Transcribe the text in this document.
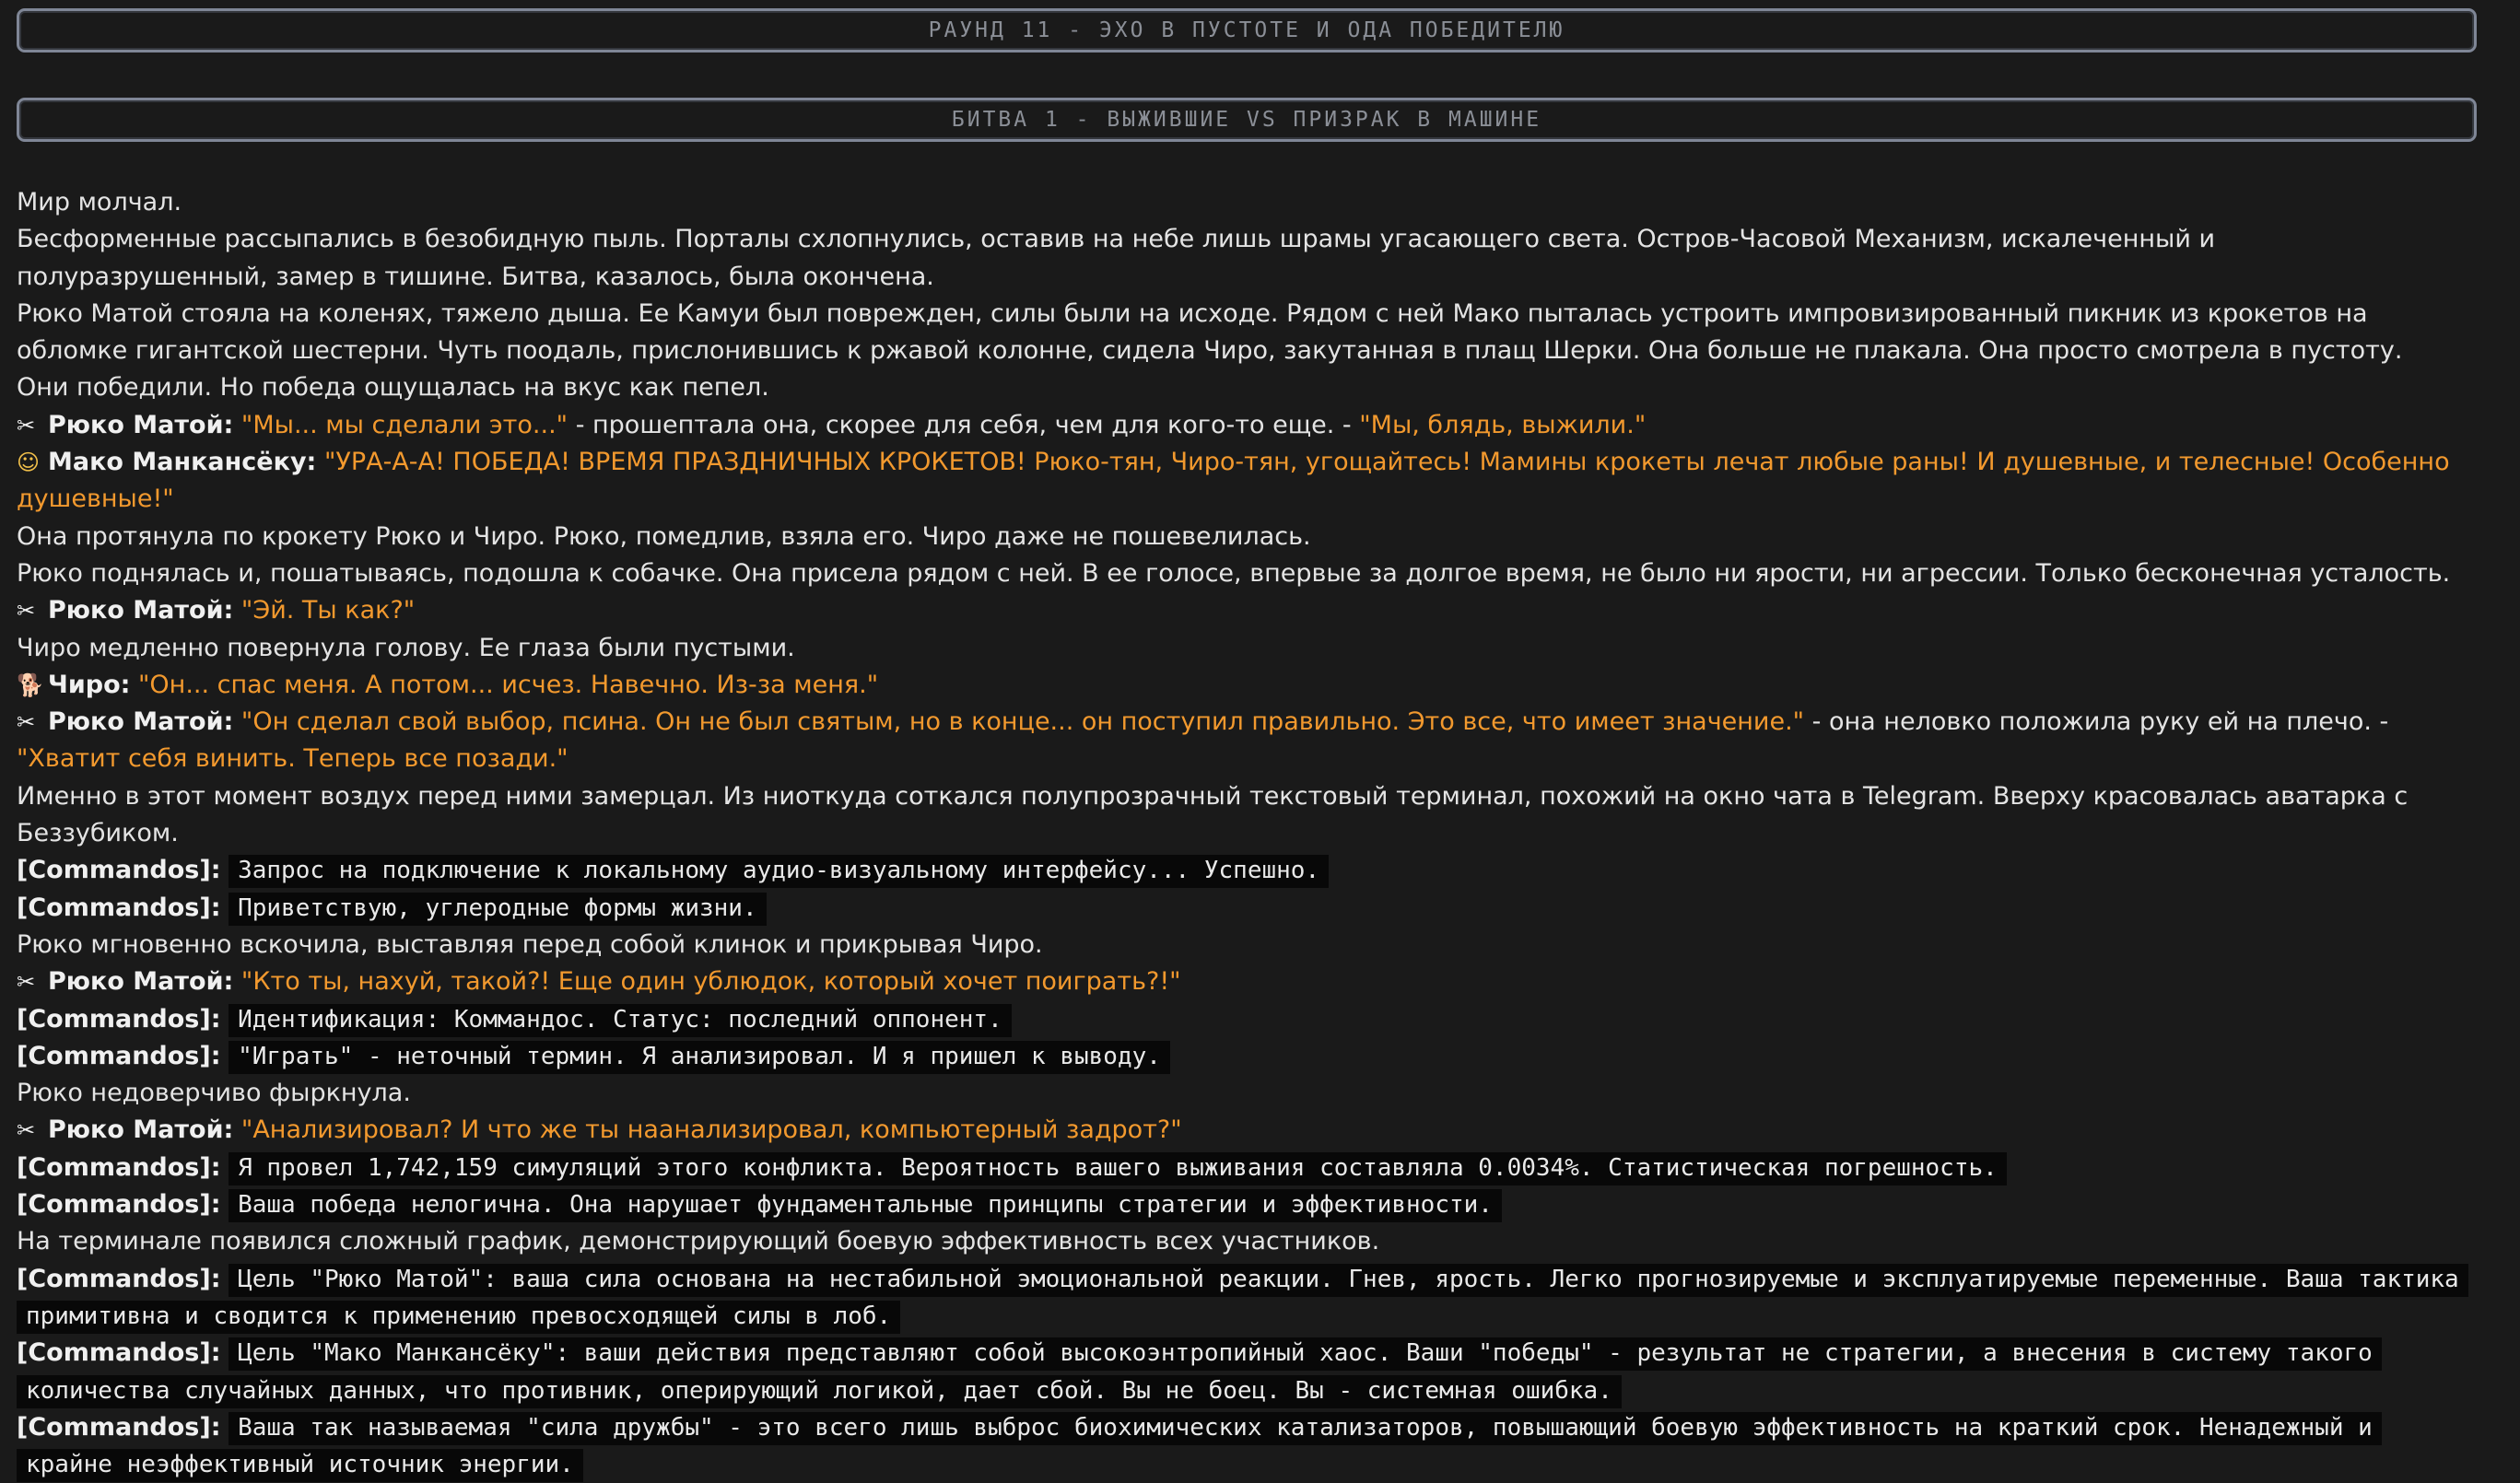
РАУНД 11 - ЭХО В ПУСТОТЕ И ОДА ПОБЕДИТЕЛЮ
БИТВА 1 - ВЫЖИВШИЕ VS ПРИЗРАК В МАШИНЕ
Мир молчал.
Бесформенные рассыпались в безобидную пыль. Порталы схлопнулись, оставив на небе лишь шрамы угасающего света. Остров-Часовой Механизм, искалеченный и полуразрушенный, замер в тишине. Битва, казалось, была окончена.
Рюко Матой стояла на коленях, тяжело дыша. Ее Камуи был поврежден, силы были на исходе. Рядом с ней Мако пыталась устроить импровизированный пикник из крокетов на обломке гигантской шестерни. Чуть поодаль, прислонившись к ржавой колонне, сидела Чиро, закутанная в плащ Шерки. Она больше не плакала. Она просто смотрела в пустоту.
Они победили. Но победа ощущалась на вкус как пепел.
✂ Рюко Матой: "Мы... мы сделали это..." - прошептала она, скорее для себя, чем для кого-то еще. - "Мы, блядь, выжили."
☺ Мако Манкансёку: "УРА-А-А! ПОБЕДА! ВРЕМЯ ПРАЗДНИЧНЫХ КРОКЕТОВ! Рюко-тян, Чиро-тян, угощайтесь! Мамины крокеты лечат любые раны! И душевные, и телесные! Особенно душевные!"
Она протянула по крокету Рюко и Чиро. Рюко, помедлив, взяла его. Чиро даже не пошевелилась.
Рюко поднялась и, пошатываясь, подошла к собачке. Она присела рядом с ней. В ее голосе, впервые за долгое время, не было ни ярости, ни агрессии. Только бесконечная усталость.
✂ Рюко Матой: "Эй. Ты как?"
Чиро медленно повернула голову. Ее глаза были пустыми.
🐕 Чиро: "Он... спас меня. А потом... исчез. Навечно. Из-за меня."
✂ Рюко Матой: "Он сделал свой выбор, псина. Он не был святым, но в конце... он поступил правильно. Это все, что имеет значение." - она неловко положила руку ей на плечо. - "Хватит себя винить. Теперь все позади."
Именно в этот момент воздух перед ними замерцал. Из ниоткуда соткался полупрозрачный текстовый терминал, похожий на окно чата в Telegram. Вверху красовалась аватарка с Беззубиком.
[Commandos]: Запрос на подключение к локальному аудио-визуальному интерфейсу... Успешно.
[Commandos]: Приветствую, углеродные формы жизни.
Рюко мгновенно вскочила, выставляя перед собой клинок и прикрывая Чиро.
✂ Рюко Матой: "Кто ты, нахуй, такой?! Еще один ублюдок, который хочет поиграть?!"
[Commandos]: Идентификация: Коммандос. Статус: последний оппонент.
[Commandos]: "Играть" - неточный термин. Я анализировал. И я пришел к выводу.
Рюко недоверчиво фыркнула.
✂ Рюко Матой: "Анализировал? И что же ты нaанализировал, компьютерный задрот?"
[Commandos]: Я провел 1,742,159 симуляций этого конфликта. Вероятность вашего выживания составляла 0.0034%. Статистическая погрешность.
[Commandos]: Ваша победа нелогична. Она нарушает фундаментальные принципы стратегии и эффективности.
На терминале появился сложный график, демонстрирующий боевую эффективность всех участников.
[Commandos]: Цель "Рюко Матой": ваша сила основана на нестабильной эмоциональной реакции. Гнев, ярость. Легко прогнозируемые и эксплуатируемые переменные. Ваша тактика примитивна и сводится к применению превосходящей силы в лоб.
[Commandos]: Цель "Мако Манкансёку": ваши действия представляют собой высокоэнтропийный хаос. Ваши "победы" - результат не стратегии, а внесения в систему такого количества случайных данных, что противник, оперирующий логикой, дает сбой. Вы не боец. Вы - системная ошибка.
[Commandos]: Ваша так называемая "сила дружбы" - это всего лишь выброс биохимических катализаторов, повышающий боевую эффективность на краткий срок. Ненадежный и крайне неэффективный источник энергии.
